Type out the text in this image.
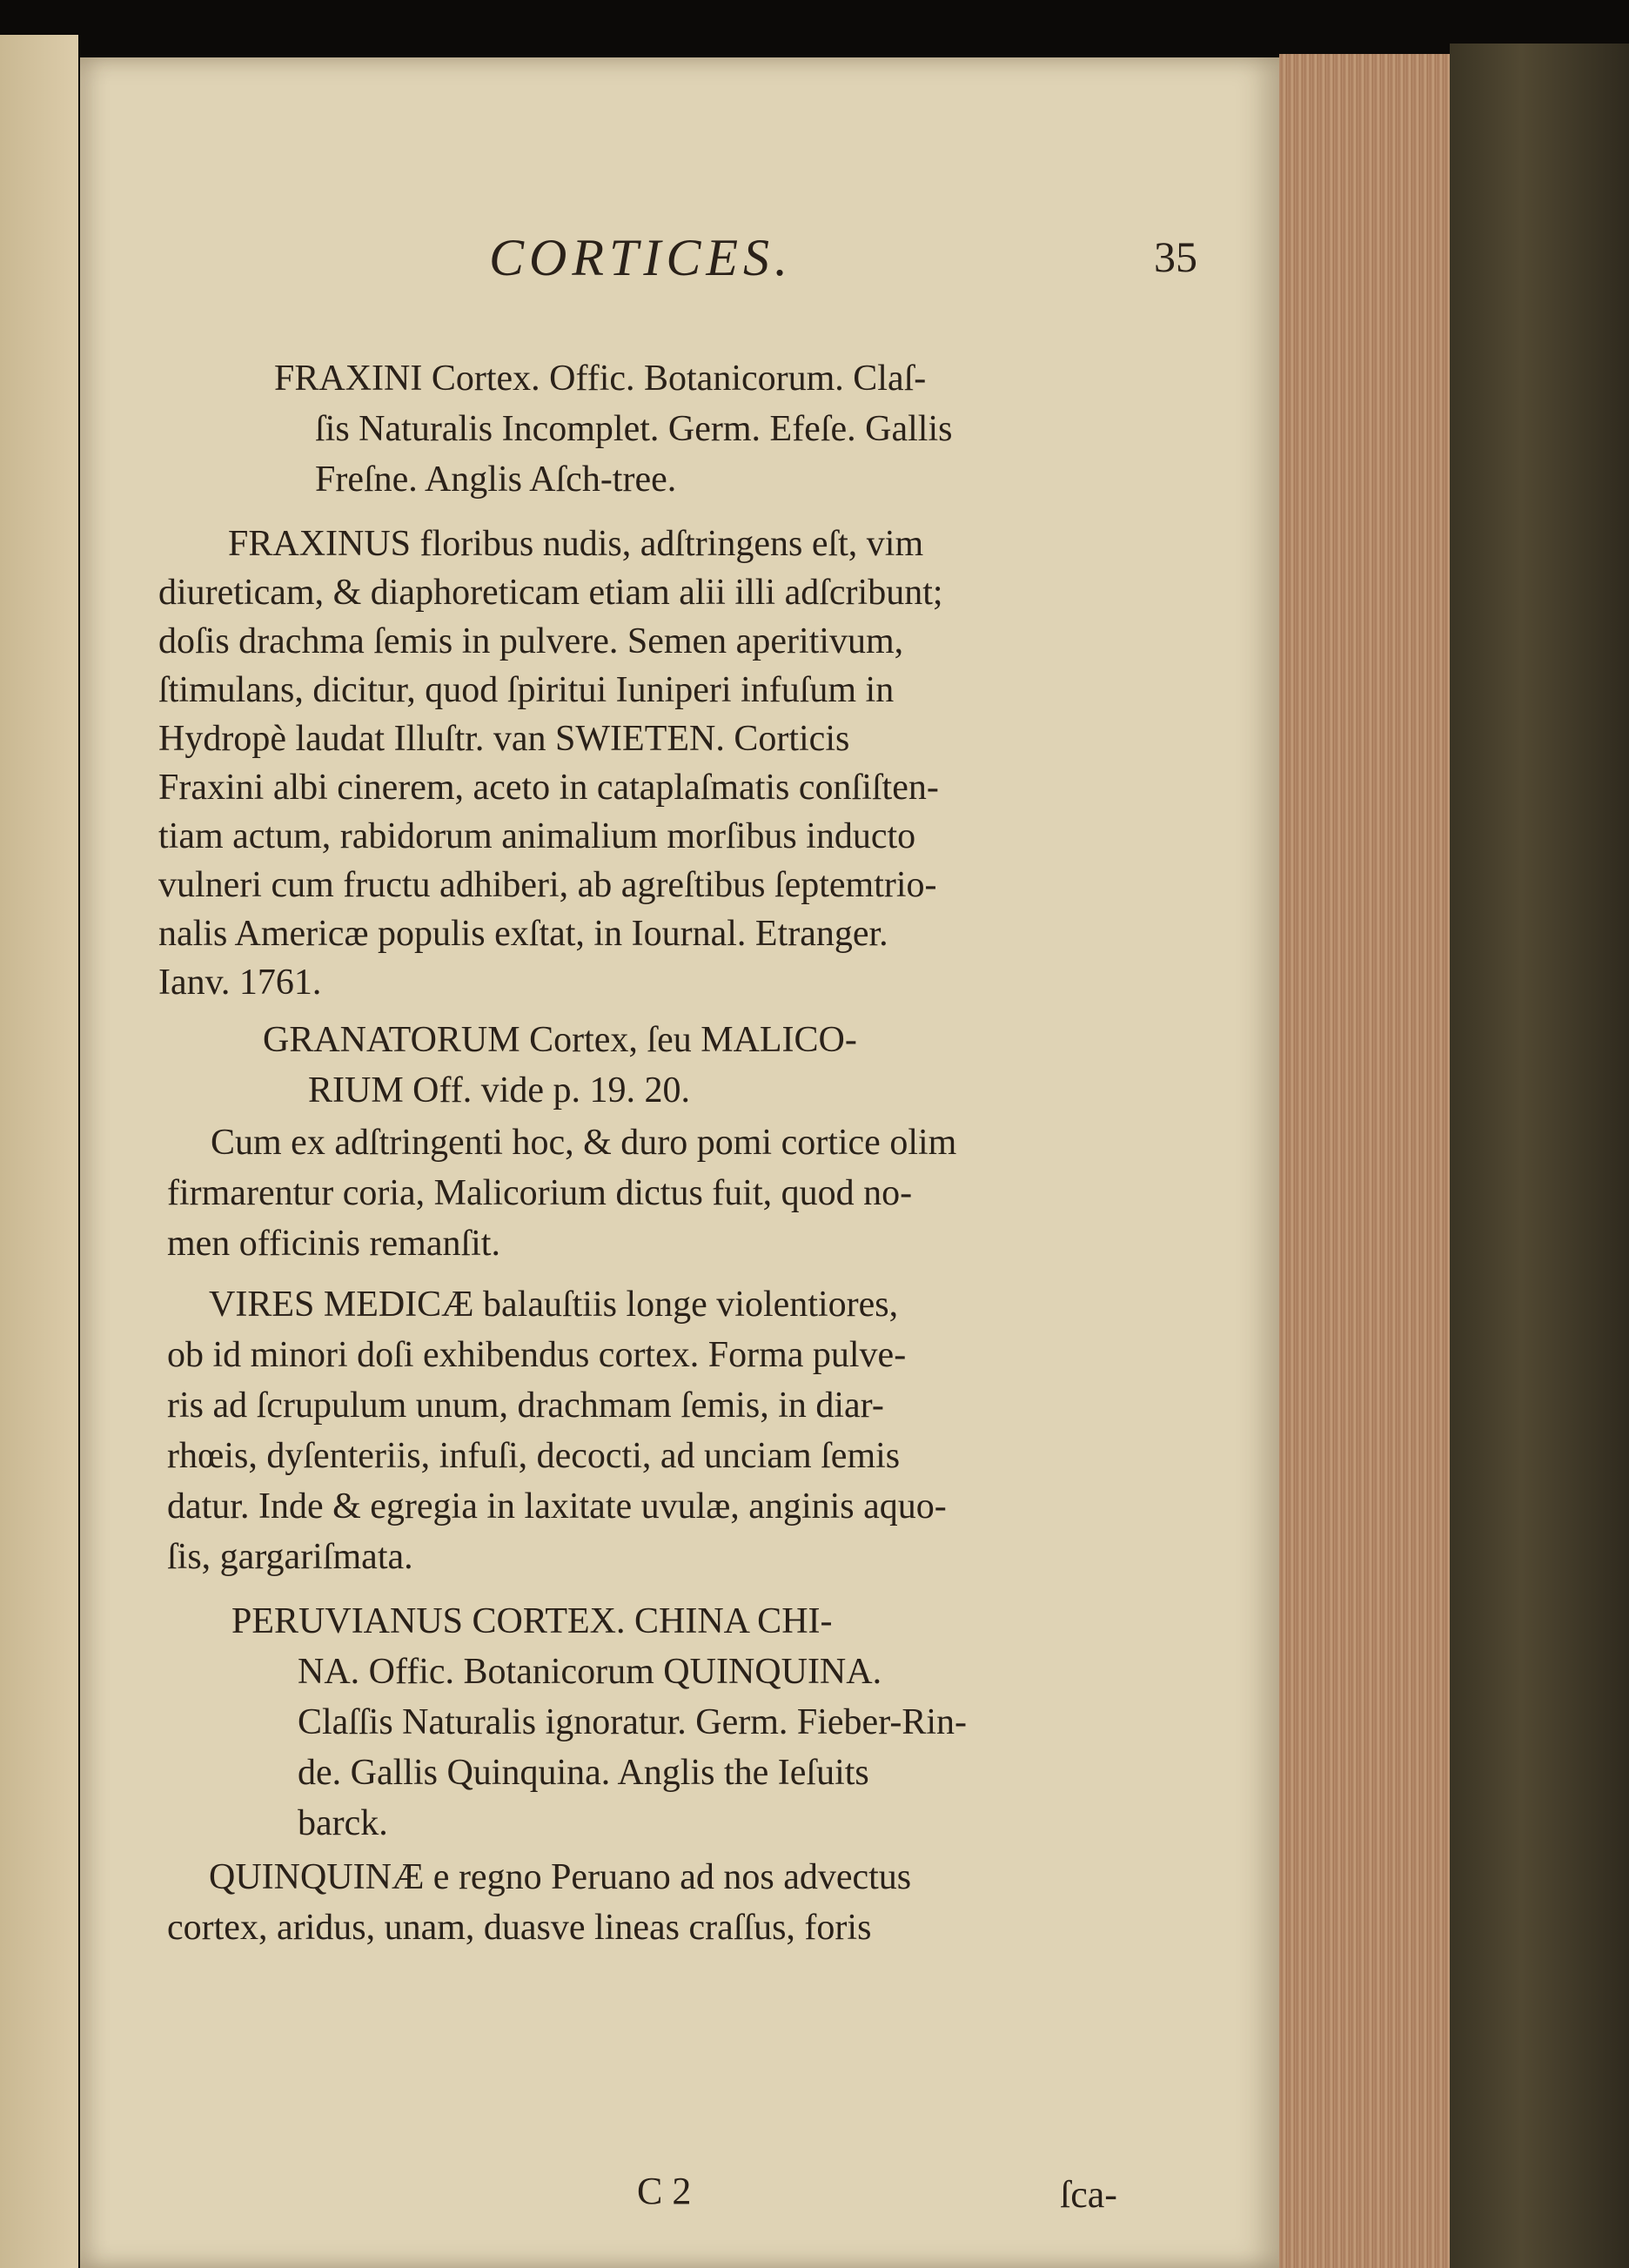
CORTICES.	35

FRAXINI Cortex. Offic. Botanicorum. Claſ-

ſis Naturalis Incomplet. Germ. Efeſe. Gallis

Freſne. Anglis Aſch-tree.

FRAXINUS floribus nudis, adſtringens eſt, vim

diureticam, & diaphoreticam etiam alii illi adſcribunt;

doſis drachma ſemis in pulvere. Semen aperitivum,

ſtimulans, dicitur, quod ſpiritui Iuniperi infuſum in

Hydropè laudat Illuſtr. van SWIETEN. Corticis

Fraxini albi cinerem, aceto in cataplaſmatis conſiſten-

tiam actum, rabidorum animalium morſibus inducto

vulneri cum fructu adhiberi, ab agreſtibus ſeptemtrio-

nalis Americæ populis exſtat, in Iournal. Etranger.

Ianv. 1761.

GRANATORUM Cortex, ſeu MALICO-

RIUM Off. vide p. 19. 20.

Cum ex adſtringenti hoc, & duro pomi cortice olim

firmarentur coria, Malicorium dictus fuit, quod no-

men officinis remanſit.

VIRES MEDICÆ balauſtiis longe violentiores,

ob id minori doſi exhibendus cortex. Forma pulve-

ris ad ſcrupulum unum, drachmam ſemis, in diar-

rhœis, dyſenteriis, infuſi, decocti, ad unciam ſemis

datur. Inde & egregia in laxitate uvulæ, anginis aquo-

ſis, gargariſmata.

PERUVIANUS CORTEX. CHINA CHI-

NA. Offic. Botanicorum QUINQUINA.

Claſſis Naturalis ignoratur. Germ. Fieber-Rin-

de. Gallis Quinquina. Anglis the Ieſuits

barck.

QUINQUINÆ e regno Peruano ad nos advectus

cortex, aridus, unam, duasve lineas craſſus, foris

C 2	ſca-
